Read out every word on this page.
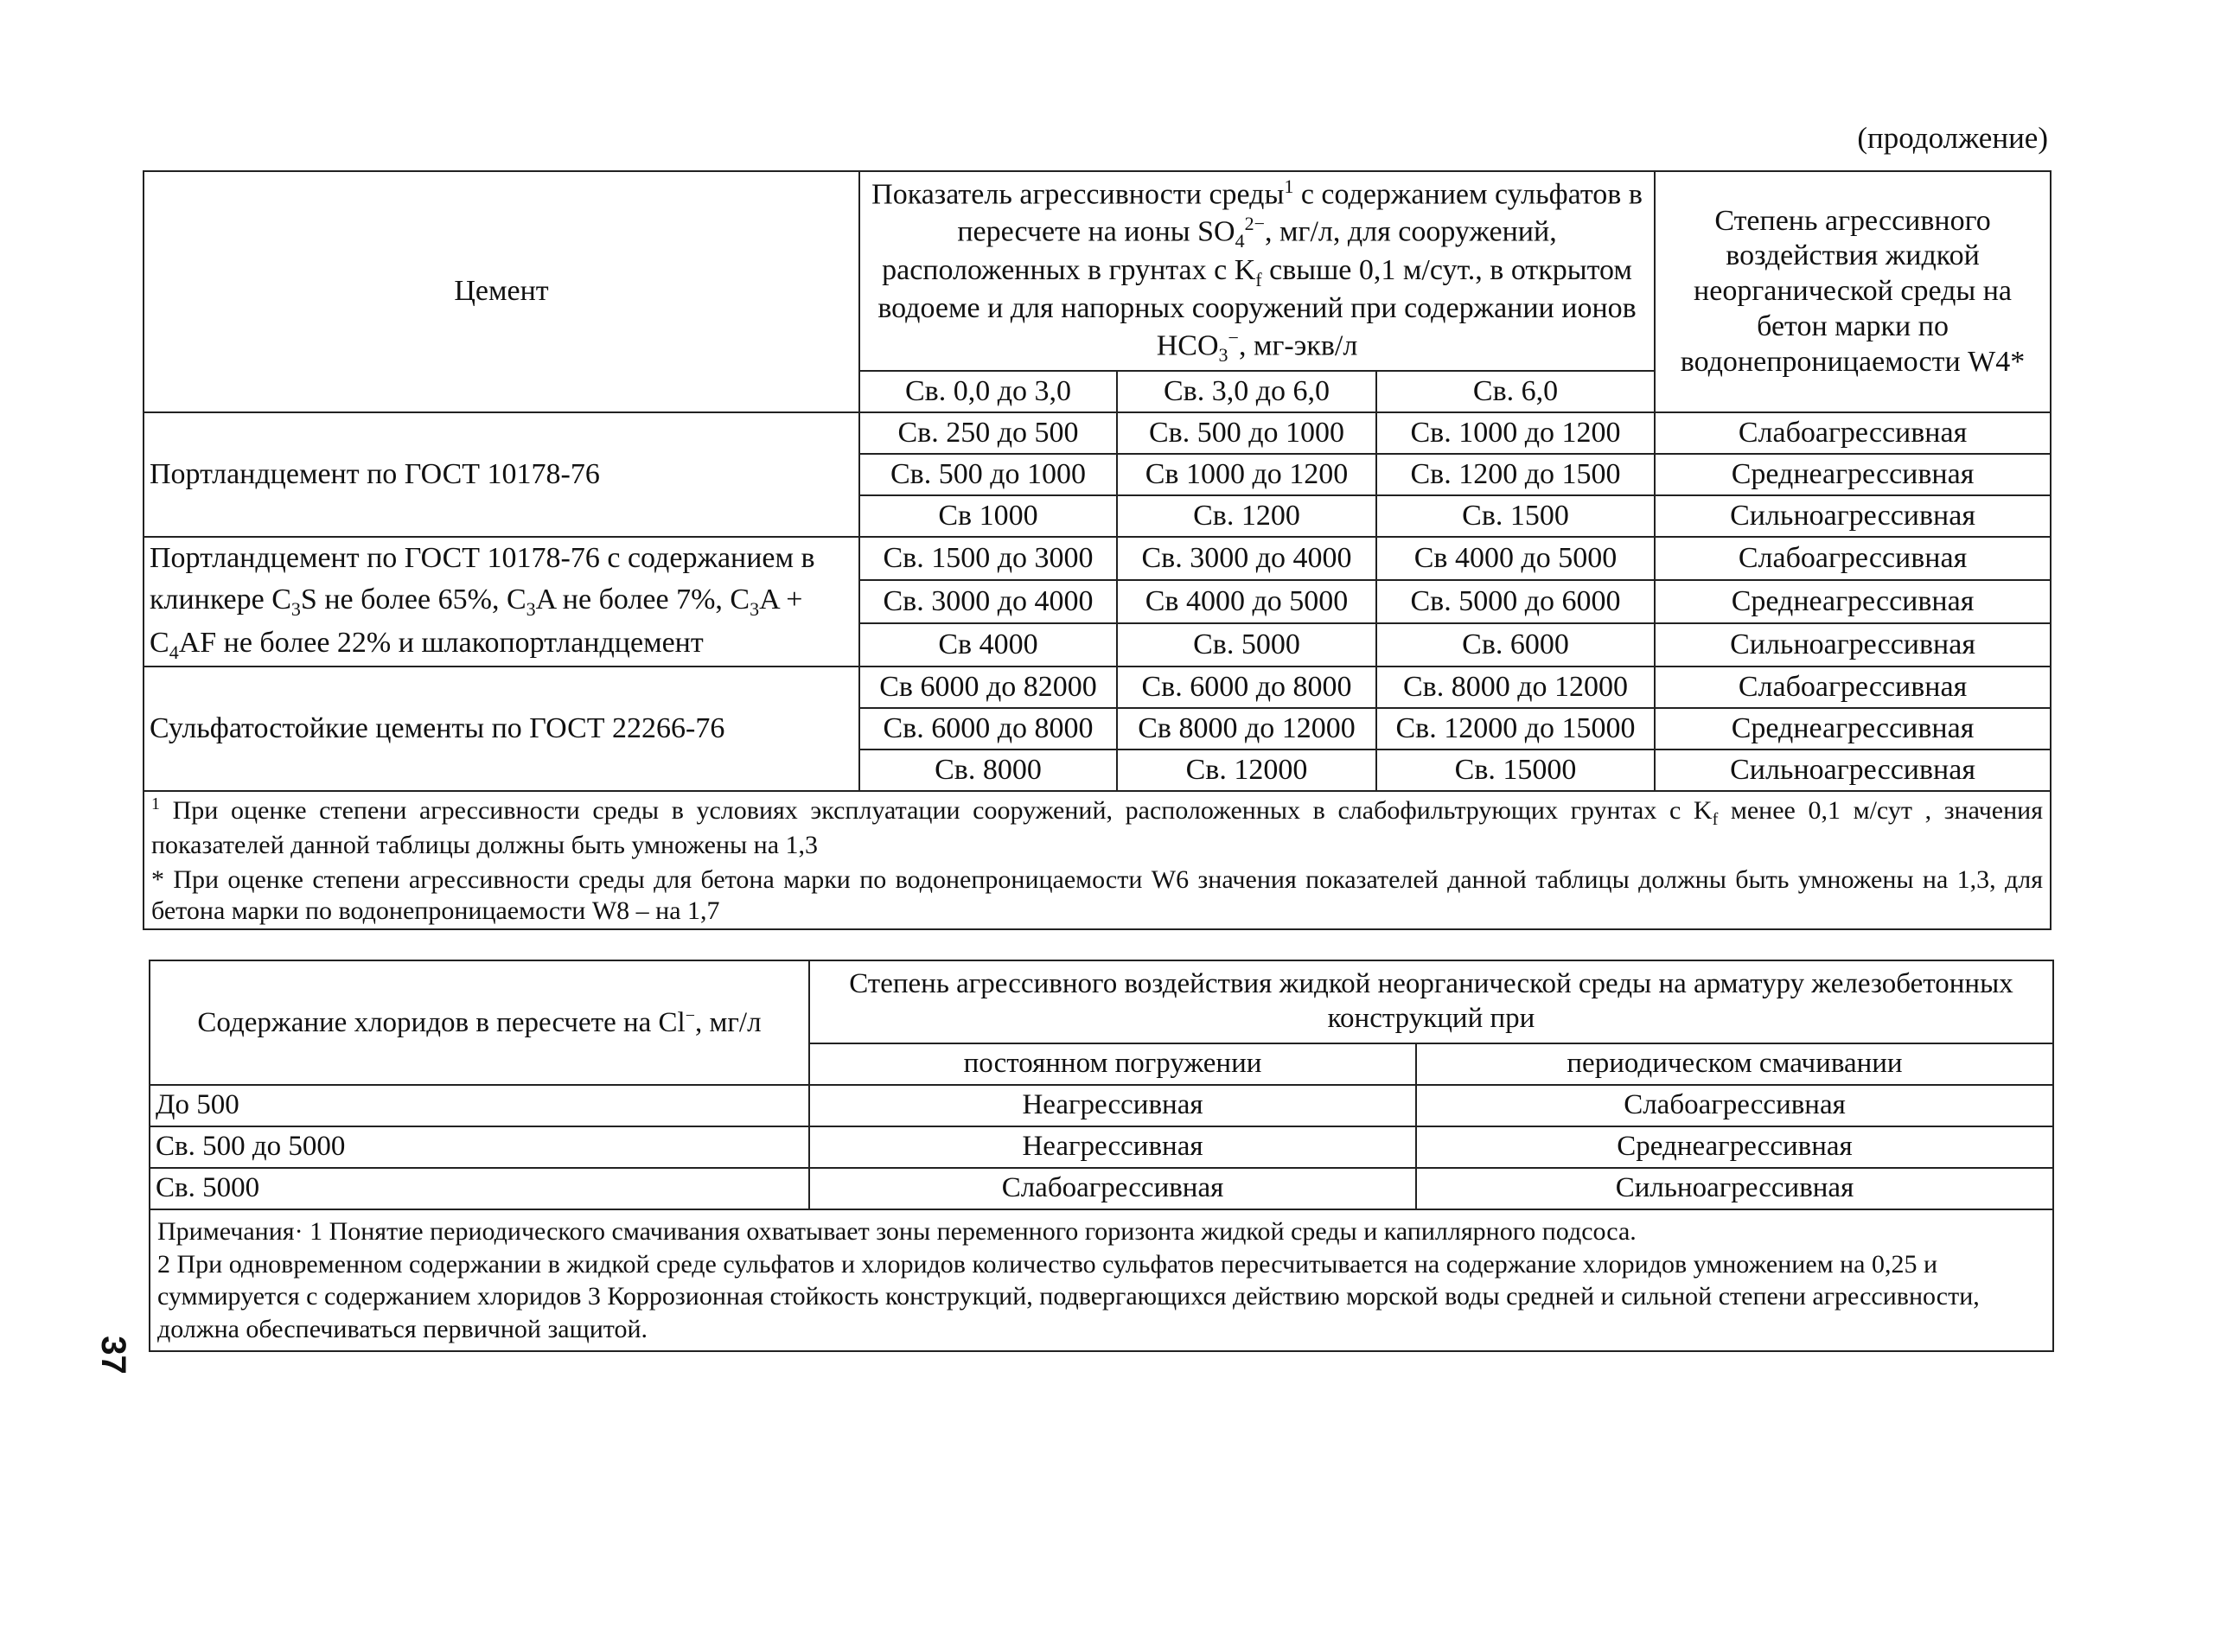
(продолжение)
Цемент	Показатель агрессивности среды$^1$ с содержанием сульфатов в пересчете на ионы $SO_4^{2-}$, мг/л, для сооружений, расположенных в грунтах с $K_f$ свыше 0,1 м/сут., в открытом водоеме и для напорных сооружений при содержании ионов $HCO_3^-$, мг-экв/л			Степень агрессивного воздействия жидкой неорганической среды на бетон марки по водонепроницаемости W4*
	Св. 0,0 до 3,0	Св. 3,0 до 6,0	Св. 6,0	
Портландцемент по ГОСТ 10178-76	Св. 250 до 500	Св. 500 до 1000	Св. 1000 до 1200	Слабоагрессивная
	Св. 500 до 1000	Св 1000 до 1200	Св. 1200 до 1500	Среднеагрессивная
	Св 1000	Св. 1200	Св. 1500	Сильноагрессивная
Портландцемент по ГОСТ 10178-76 с содержанием в клинкере $C_3S$ не более 65%, $C_3A$ не более 7%, $C_3A + C_4AF$ не более 22% и шлакопортландцемент	Св. 1500 до 3000	Св. 3000 до 4000	Св 4000 до 5000	Слабоагрессивная
	Св. 3000 до 4000	Св 4000 до 5000	Св. 5000 до 6000	Среднеагрессивная
	Св 4000	Св. 5000	Св. 6000	Сильноагрессивная
Сульфатостойкие цементы по ГОСТ 22266-76	Св 6000 до 82000	Св. 6000 до 8000	Св. 8000 до 12000	Слабоагрессивная
	Св. 6000 до 8000	Св 8000 до 12000	Св. 12000 до 15000	Среднеагрессивная
	Св. 8000	Св. 12000	Св. 15000	Сильноагрессивная

$^1$ При оценке степени агрессивности среды в условиях эксплуатации сооружений, расположенных в слабофильтрующих грунтах с $K_f$ менее 0,1 м/сут , значения показателей данной таблицы должны быть умножены на 1,3
* При оценке степени агрессивности среды для бетона марки по водонепроницаемости W6 значения показателей данной таблицы должны быть умножены на 1,3, для бетона марки по водонепроницаемости W8 – на 1,7				
Содержание хлоридов в пересчете на Cl−, мг/л	Степень агрессивного воздействия жидкой неорганической среды на арматуру железобетонных конструкций при	
	постоянном погружении	периодическом смачивании
До 500	Неагрессивная	Слабоагрессивная
Св. 500 до 5000	Неагрессивная	Среднеагрессивная
Св. 5000	Слабоагрессивная	Сильноагрессивная

Примечания· 1 Понятие периодического смачивания охватывает зоны переменного горизонта жидкой среды и капиллярного подсоса.
2 При одновременном содержании в жидкой среде сульфатов и хлоридов количество сульфатов пересчитывается на содержание хлоридов умножением на 0,25 и суммируется с содержанием хлоридов 3 Коррозионная стойкость конструкций, подвергающихся действию морской воды средней и сильной степени агрессивности, должна обеспечиваться первичной защитой.		
37
